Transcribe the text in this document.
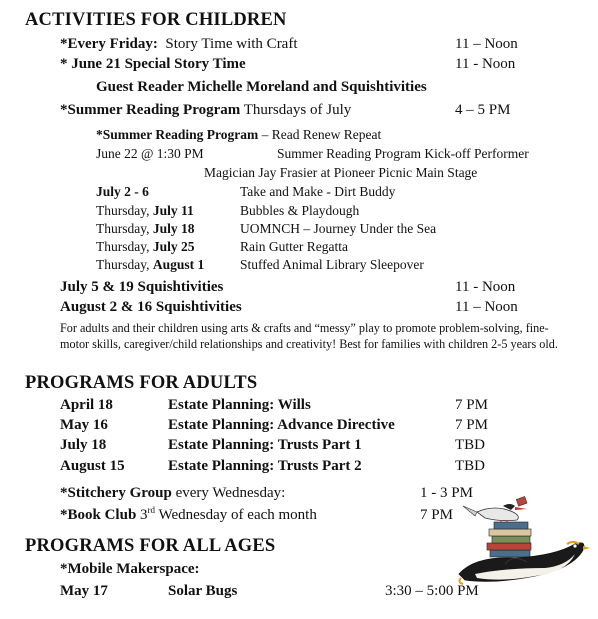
ACTIVITIES FOR CHILDREN
*Every Friday: Story Time with Craft	11 – Noon
* June 21 Special Story Time	11 - Noon
Guest Reader Michelle Moreland and Squishtivities
*Summer Reading Program Thursdays of July	4 – 5 PM
*Summer Reading Program – Read Renew Repeat
June 22 @ 1:30 PM	Summer Reading Program Kick-off Performer
Magician Jay Frasier at Pioneer Picnic Main Stage
July 2 - 6	Take and Make - Dirt Buddy
Thursday, July 11	Bubbles & Playdough
Thursday, July 18	UOMNCH – Journey Under the Sea
Thursday, July 25	Rain Gutter Regatta
Thursday, August 1	Stuffed Animal Library Sleepover
July 5 & 19 Squishtivities	11 - Noon
August 2 & 16 Squishtivities	11 – Noon
For adults and their children using arts & crafts and “messy” play to promote problem-solving, fine-motor skills, caregiver/child relationships and creativity! Best for families with children 2-5 years old.
PROGRAMS FOR ADULTS
April 18	Estate Planning: Wills	7 PM
May 16	Estate Planning: Advance Directive	7 PM
July 18	Estate Planning: Trusts Part 1	TBD
August 15	Estate Planning: Trusts Part 2	TBD
*Stitchery Group every Wednesday:	1 - 3 PM
*Book Club 3rd Wednesday of each month	7 PM
PROGRAMS FOR ALL AGES
*Mobile Makerspace:
May 17	Solar Bugs	3:30 – 5:00 PM
